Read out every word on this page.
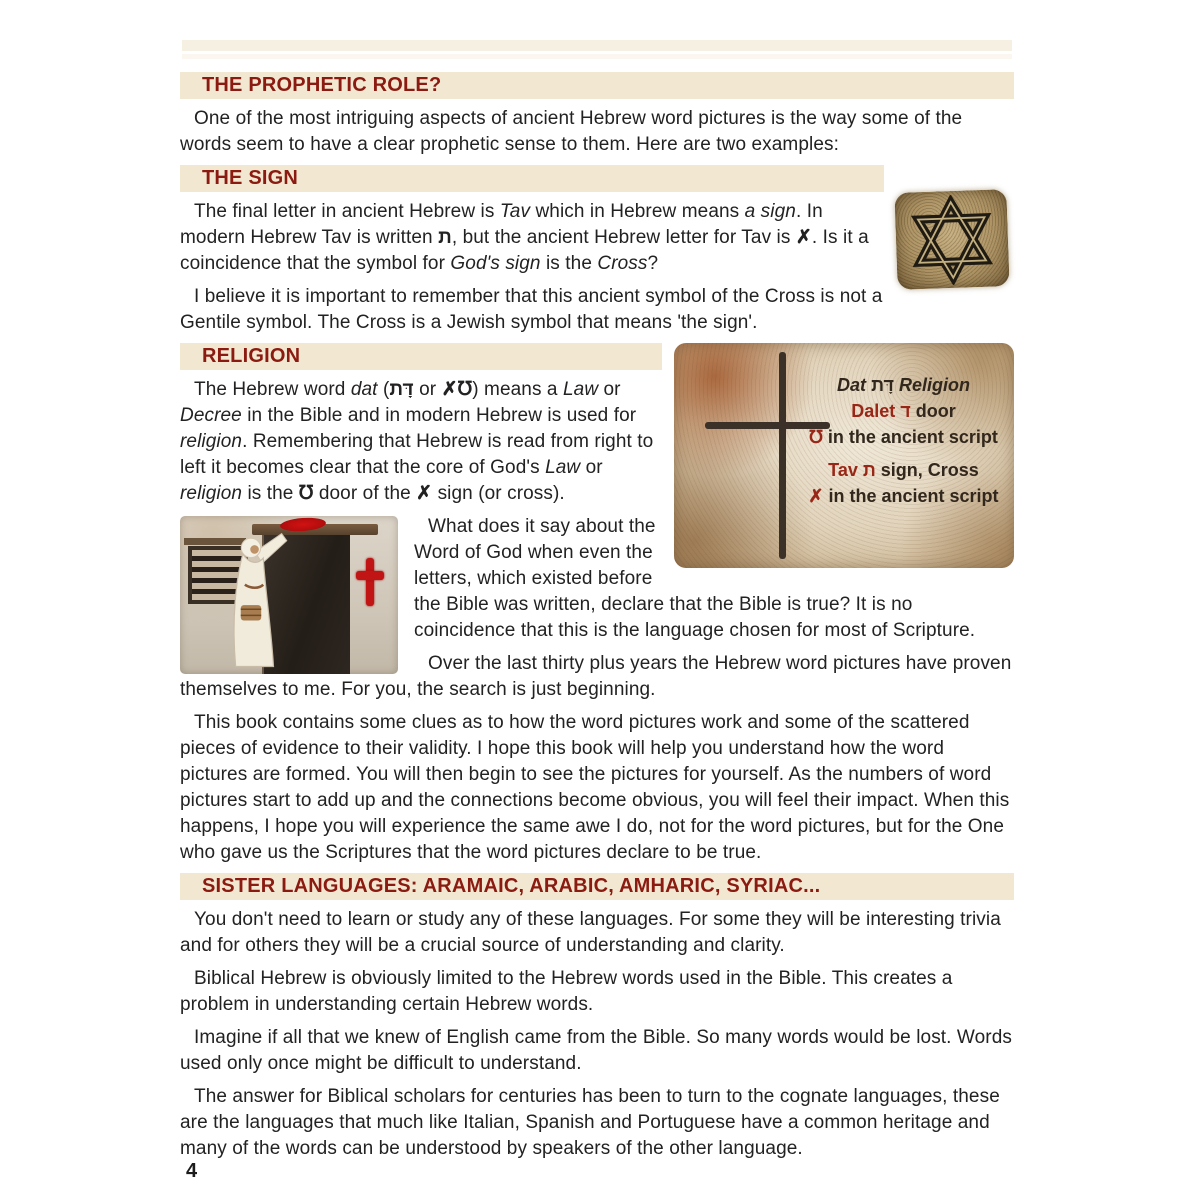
THE PROPHETIC ROLE?

One of the most intriguing aspects of ancient Hebrew word pictures is the way some of the words seem to have a clear prophetic sense to them. Here are two examples:

THE SIGN

The final letter in ancient Hebrew is Tav which in Hebrew means a sign. In modern Hebrew Tav is written ת, but the ancient Hebrew letter for Tav is ✗. Is it a coincidence that the symbol for God's sign is the Cross?

I believe it is important to remember that this ancient symbol of the Cross is not a Gentile symbol. The Cross is a Jewish symbol that means 'the sign'.

Dat דָּת Religion
Dalet ד door
℧ in the ancient script
Tav ת sign, Cross
✗ in the ancient script
RELIGION

The Hebrew word dat (דָּת or ✗℧) means a Law or Decree in the Bible and in modern Hebrew is used for religion. Remembering that Hebrew is read from right to left it becomes clear that the core of God's Law or religion is the ℧ door of the ✗ sign (or cross).

What does it say about the Word of God when even the letters, which existed before the Bible was written, declare that the Bible is true? It is no coincidence that this is the language chosen for most of Scripture.

Over the last thirty plus years the Hebrew word pictures have proven themselves to me. For you, the search is just beginning.

This book contains some clues as to how the word pictures work and some of the scattered pieces of evidence to their validity. I hope this book will help you understand how the word pictures are formed. You will then begin to see the pictures for yourself. As the numbers of word pictures start to add up and the connections become obvious, you will feel their impact. When this happens, I hope you will experience the same awe I do, not for the word pictures, but for the One who gave us the Scriptures that the word pictures declare to be true.

SISTER LANGUAGES: ARAMAIC, ARABIC, AMHARIC, SYRIAC...

You don't need to learn or study any of these languages. For some they will be interesting trivia and for others they will be a crucial source of understanding and clarity.

Biblical Hebrew is obviously limited to the Hebrew words used in the Bible. This creates a problem in understanding certain Hebrew words.

Imagine if all that we knew of English came from the Bible. So many words would be lost. Words used only once might be difficult to understand.

The answer for Biblical scholars for centuries has been to turn to the cognate languages, these are the languages that much like Italian, Spanish and Portuguese have a common heritage and many of the words can be understood by speakers of the other language.

4
